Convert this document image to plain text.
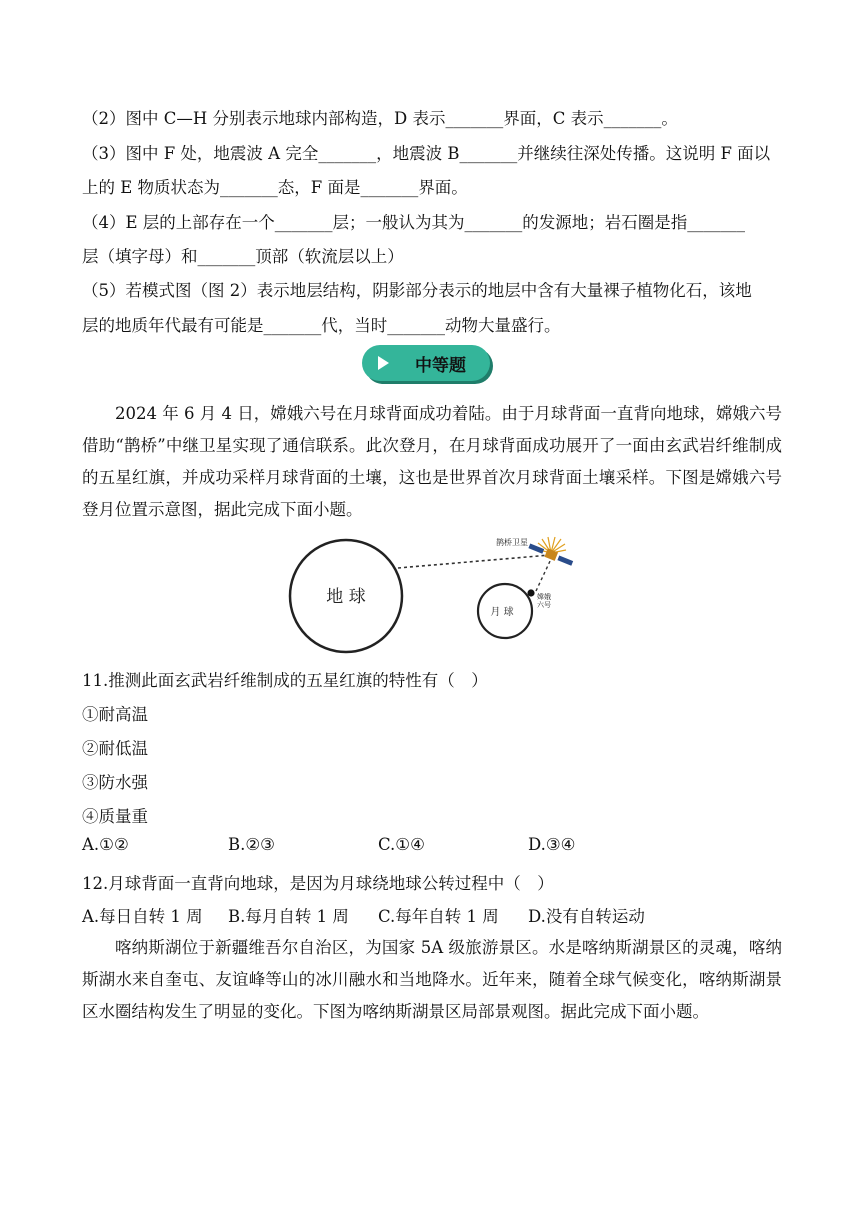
（2）图中 C—H 分别表示地球内部构造，D 表示_______界面，C 表示_______。
（3）图中 F 处，地震波 A 完全_______，地震波 B_______并继续往深处传播。这说明 F 面以
上的 E 物质状态为_______态，F 面是_______界面。
（4）E 层的上部存在一个_______层；一般认为其为_______的发源地；岩石圈是指_______
层（填字母）和_______顶部（软流层以上）
（5）若模式图（图 2）表示地层结构，阴影部分表示的地层中含有大量裸子植物化石，该地
层的地质年代最有可能是_______代，当时_______动物大量盛行。
中等题
2024 年 6 月 4 日，嫦娥六号在月球背面成功着陆。由于月球背面一直背向地球，嫦娥六号借助“鹊桥”中继卫星实现了通信联系。此次登月，在月球背面成功展开了一面由玄武岩纤维制成的五星红旗，并成功采样月球背面的土壤，这也是世界首次月球背面土壤采样。下图是嫦娥六号登月位置示意图，据此完成下面小题。
地 球
月 球
嫦娥
六号
鹊桥卫星
11.推测此面玄武岩纤维制成的五星红旗的特性有（　）
①耐高温
②耐低温
③防水强
④质量重
A.①②	B.②③	C.①④	D.③④
12.月球背面一直背向地球，是因为月球绕地球公转过程中（　）
A.每日自转 1 周 B.每月自转 1 周 C.每年自转 1 周 D.没有自转运动
喀纳斯湖位于新疆维吾尔自治区，为国家 5A 级旅游景区。水是喀纳斯湖景区的灵魂，喀纳斯湖水来自奎屯、友谊峰等山的冰川融水和当地降水。近年来，随着全球气候变化，喀纳斯湖景区水圈结构发生了明显的变化。下图为喀纳斯湖景区局部景观图。据此完成下面小题。
